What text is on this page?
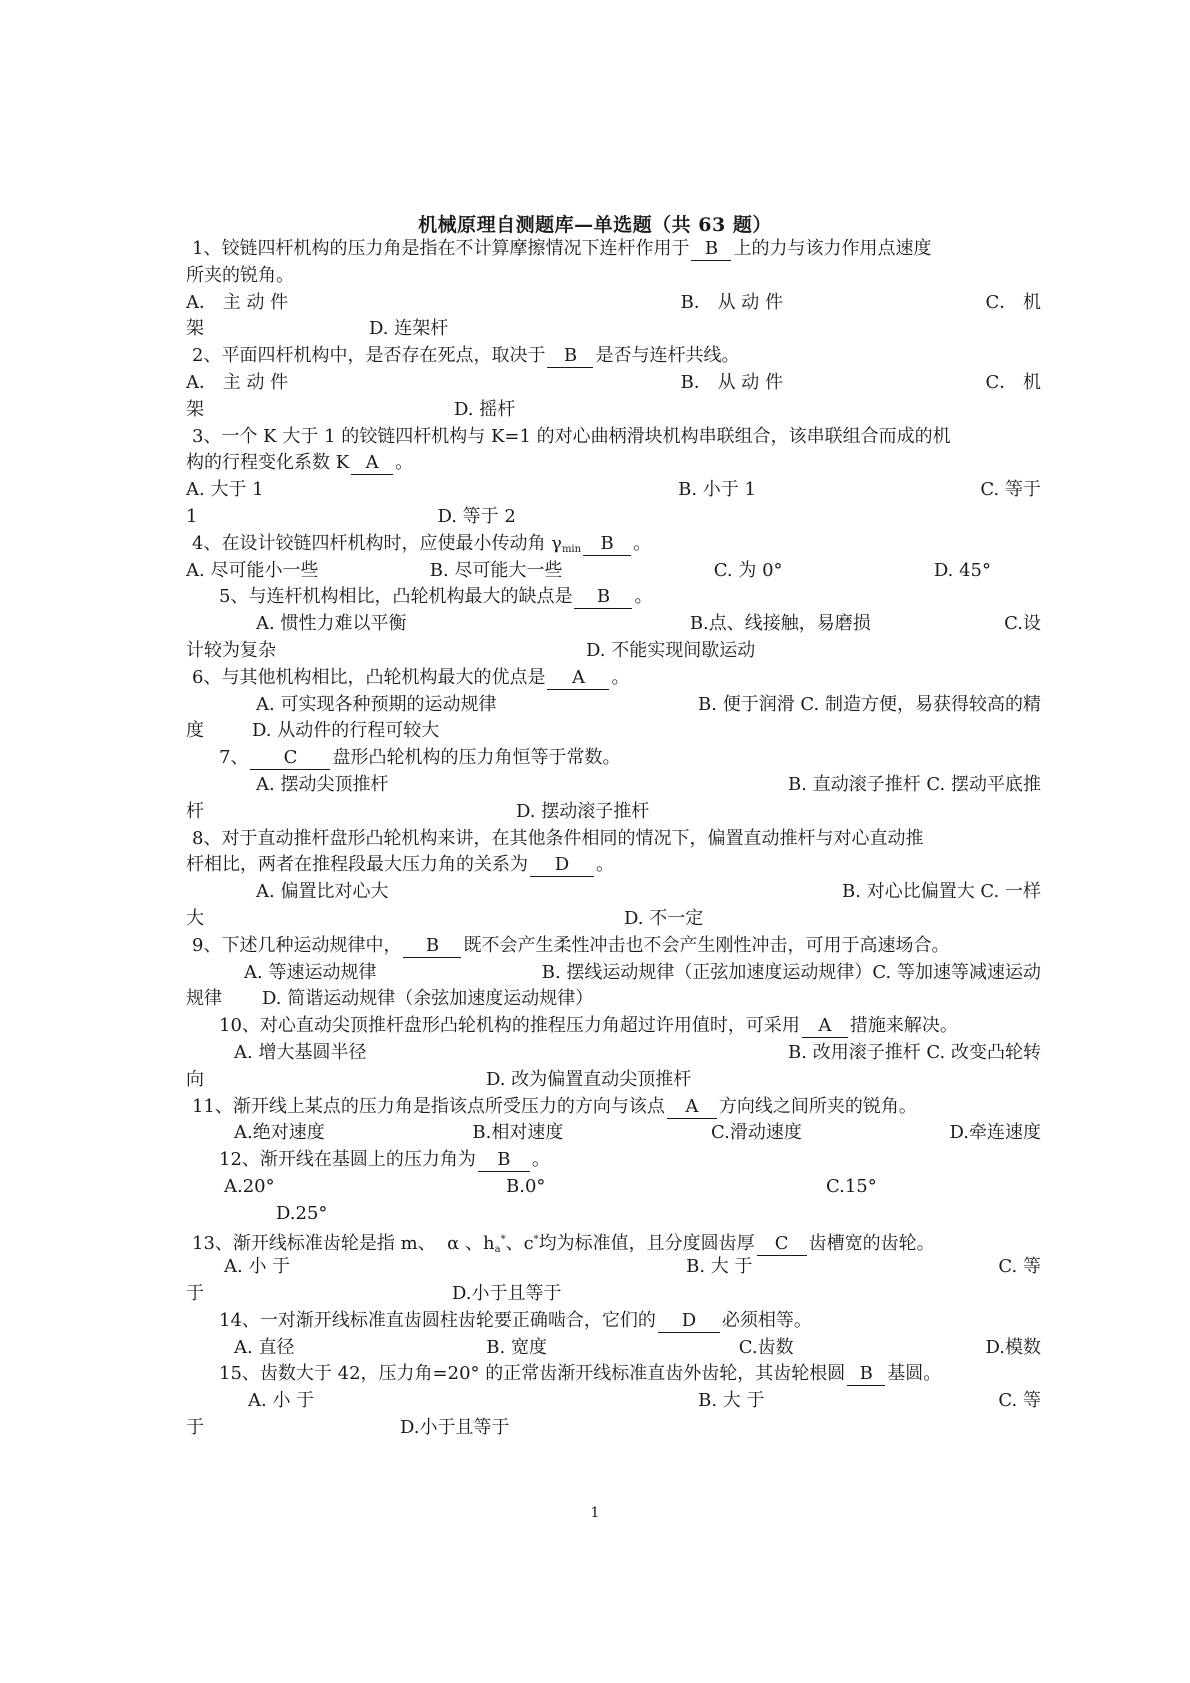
机械原理自测题库—单选题（共 63 题）
1、铰链四杆机构的压力角是指在不计算摩擦情况下连杆作用于 B 上的力与该力作用点速度
所夹的锐角。
A． 主 动 件	B． 从 动 件	C． 机
架	D. 连架杆
2、平面四杆机构中，是否存在死点，取决于 B 是否与连杆共线。
A． 主 动 件	B． 从 动 件	C． 机
架	D. 摇杆
3、一个 K 大于 1 的铰链四杆机构与 K=1 的对心曲柄滑块机构串联组合，该串联组合而成的机
构的行程变化系数 K A 。
A. 大于 1	B. 小于 1	C. 等于
1	D. 等于 2
4、在设计铰链四杆机构时，应使最小传动角 $\gamma_{min}$ B 。
A. 尽可能小一些	B. 尽可能大一些	C. 为 0°	D. 45°
5、与连杆机构相比，凸轮机构最大的缺点是 B 。
A. 惯性力难以平衡	B.点、线接触，易磨损	C.设
计较为复杂	D. 不能实现间歇运动
6、与其他机构相比，凸轮机构最大的优点是 A 。
A. 可实现各种预期的运动规律	B. 便于润滑 C. 制造方便，易获得较高的精
度	D. 从动件的行程可较大
7、 C 盘形凸轮机构的压力角恒等于常数。
A. 摆动尖顶推杆	B. 直动滚子推杆 C. 摆动平底推
杆	D. 摆动滚子推杆
8、对于直动推杆盘形凸轮机构来讲，在其他条件相同的情况下，偏置直动推杆与对心直动推
杆相比，两者在推程段最大压力角的关系为 D 。
A. 偏置比对心大	B. 对心比偏置大 C. 一样
大	D. 不一定
9、下述几种运动规律中， B 既不会产生柔性冲击也不会产生刚性冲击，可用于高速场合。
A. 等速运动规律	B. 摆线运动规律（正弦加速度运动规律）C. 等加速等减速运动
规律 D. 简谐运动规律（余弦加速度运动规律）
10、对心直动尖顶推杆盘形凸轮机构的推程压力角超过许用值时，可采用 A 措施来解决。
A. 增大基圆半径	B. 改用滚子推杆 C. 改变凸轮转
向	D. 改为偏置直动尖顶推杆
11、渐开线上某点的压力角是指该点所受压力的方向与该点 A 方向线之间所夹的锐角。
A.绝对速度	B.相对速度	C.滑动速度	D.牵连速度
12、渐开线在基圆上的压力角为 B 。
A.20°	B.0°	C.15°
D.25°
13、渐开线标准齿轮是指 m、  α 、$h_a^*$、c*均为标准值，且分度圆齿厚 C 齿槽宽的齿轮。
A. 小 于	B. 大 于	C. 等
于	D.小于且等于
14、一对渐开线标准直齿圆柱齿轮要正确啮合，它们的 D 必须相等。
A. 直径	B. 宽度	C.齿数	D.模数
15、齿数大于 42，压力角=20° 的正常齿渐开线标准直齿外齿轮，其齿轮根圆 B 基圆。
A. 小 于	B. 大 于	C. 等
于	D.小于且等于
1
